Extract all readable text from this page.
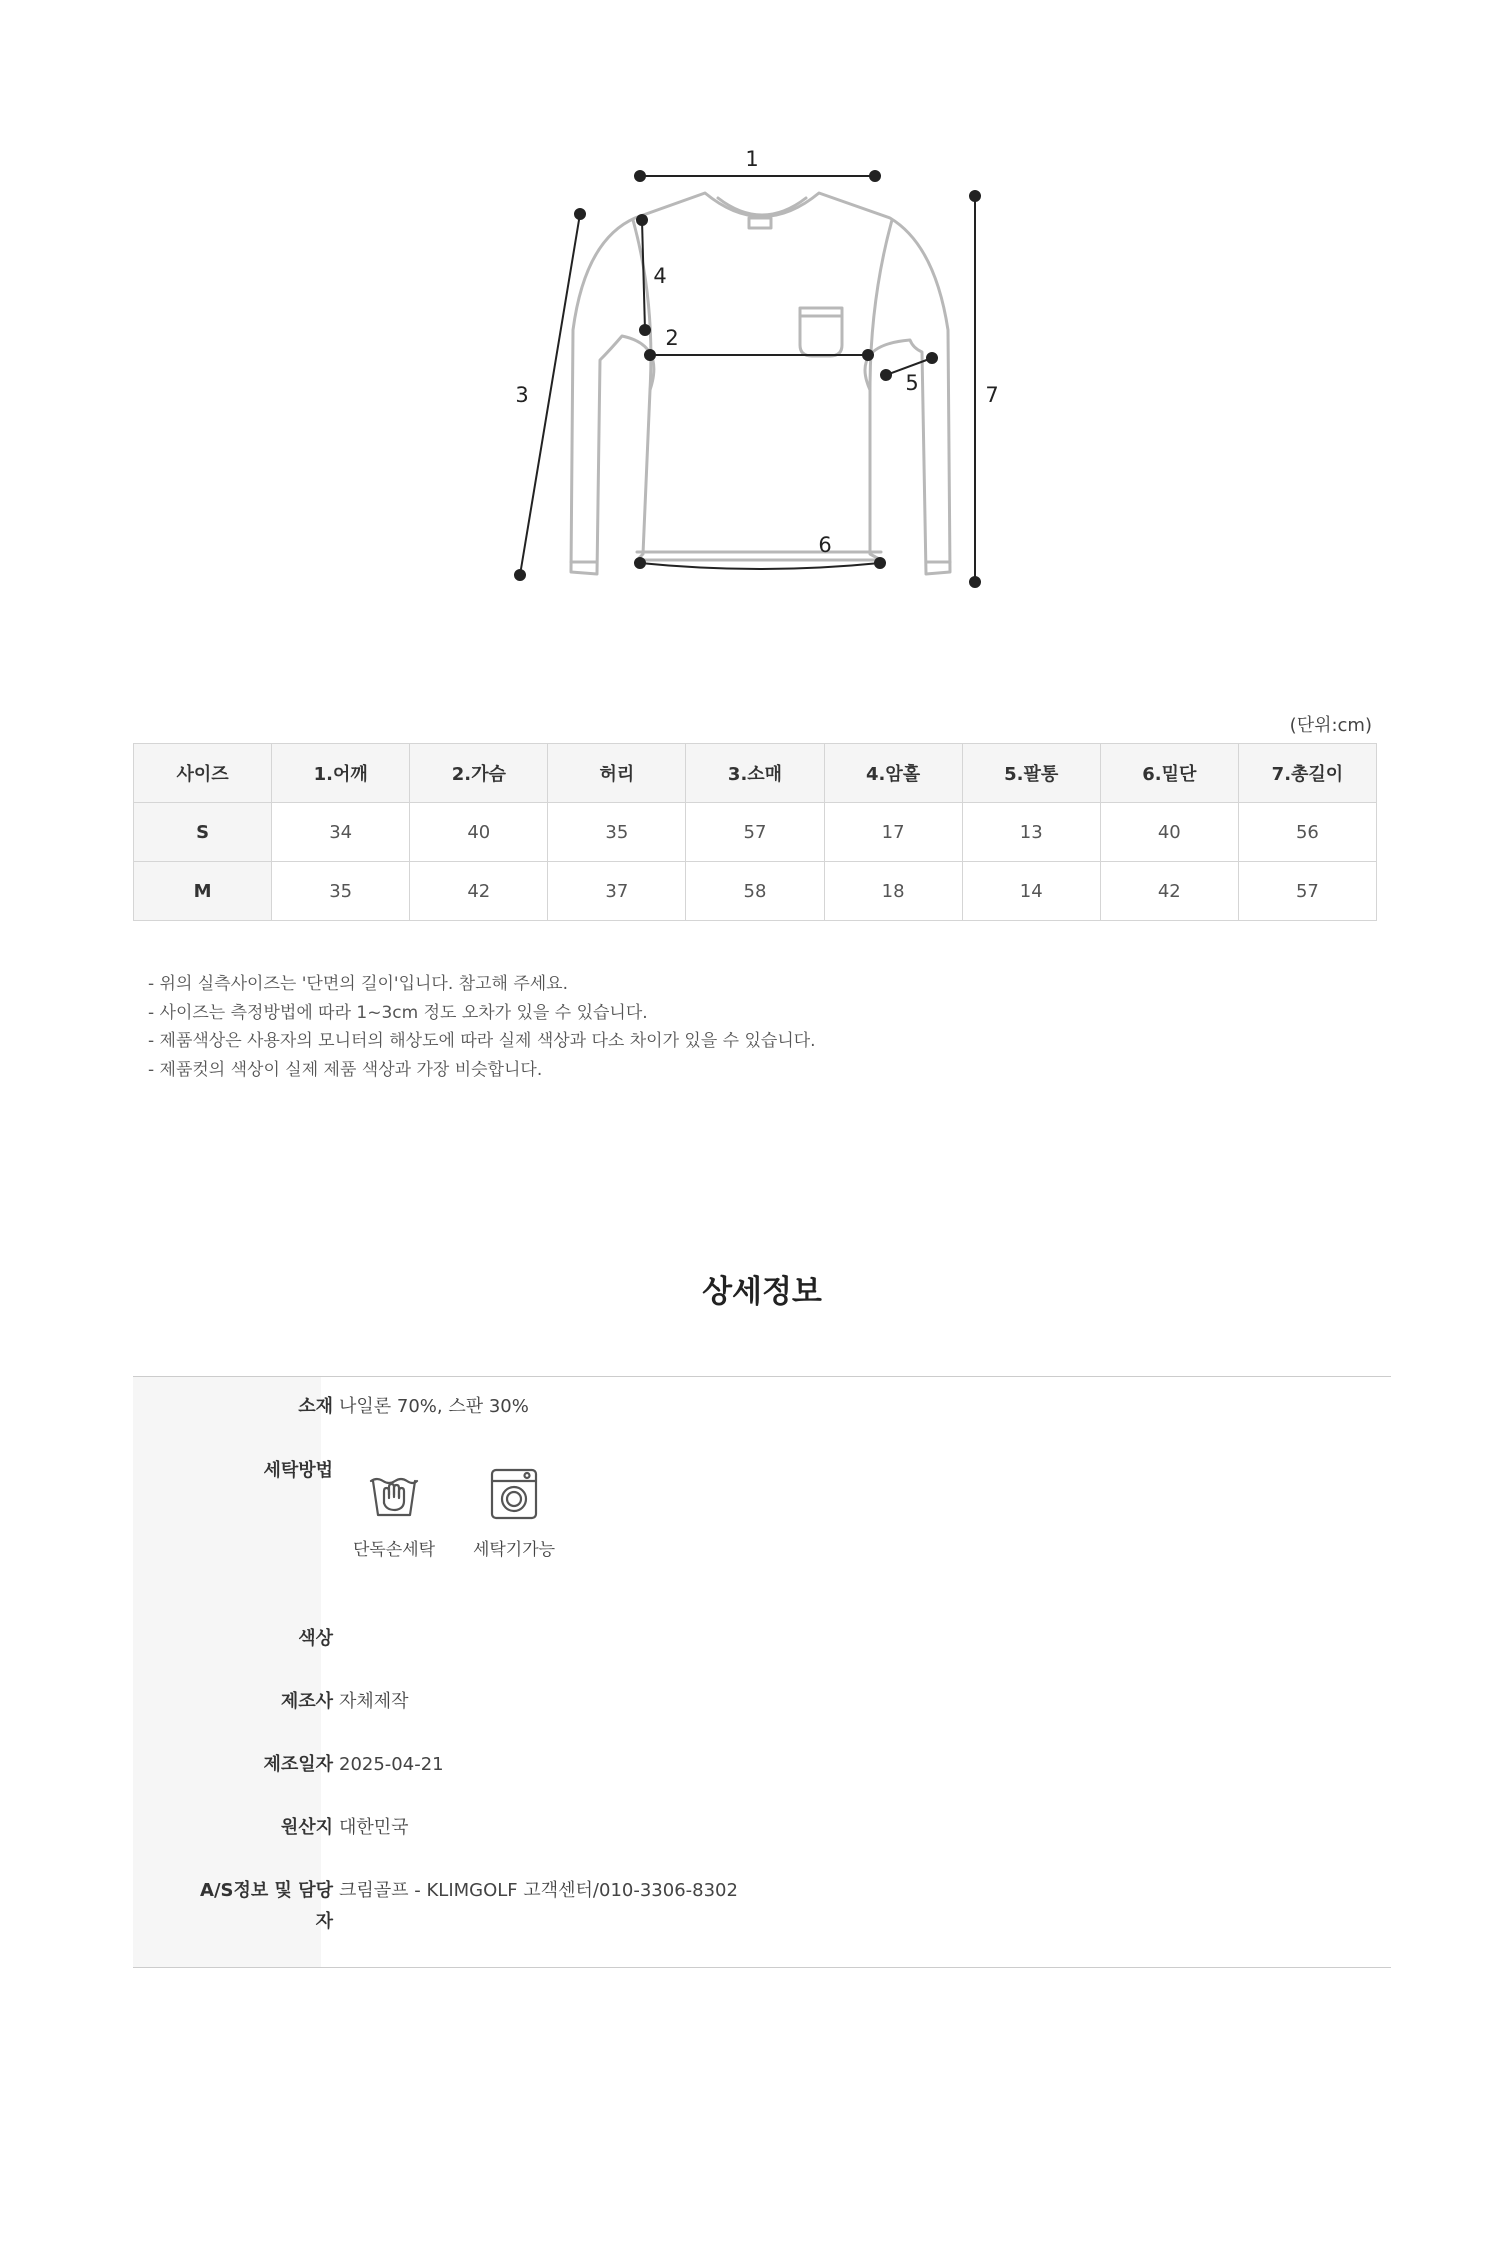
1
2
3
4
5
6
7
(단위:cm)
사이즈	1.어깨	2.가슴	허리	3.소매	4.암홀	5.팔통	6.밑단	7.총길이
S	34	40	35	57	17	13	40	56
M	35	42	37	58	18	14	42	57
- 위의 실측사이즈는 '단면의 길이'입니다. 참고해 주세요.
- 사이즈는 측정방법에 따라 1~3cm 정도 오차가 있을 수 있습니다.
- 제품색상은 사용자의 모니터의 해상도에 따라 실제 색상과 다소 차이가 있을 수 있습니다.
- 제품컷의 색상이 실제 제품 색상과 가장 비슷합니다.
상세정보
소재 나일론 70%, 스판 30%
세탁방법
단독손세탁	세탁기가능
색상
제조사 자체제작
제조일자 2025-04-21
원산지 대한민국
A/S정보 및 담당
자
크림골프 - KLIMGOLF 고객센터/010-3306-8302
